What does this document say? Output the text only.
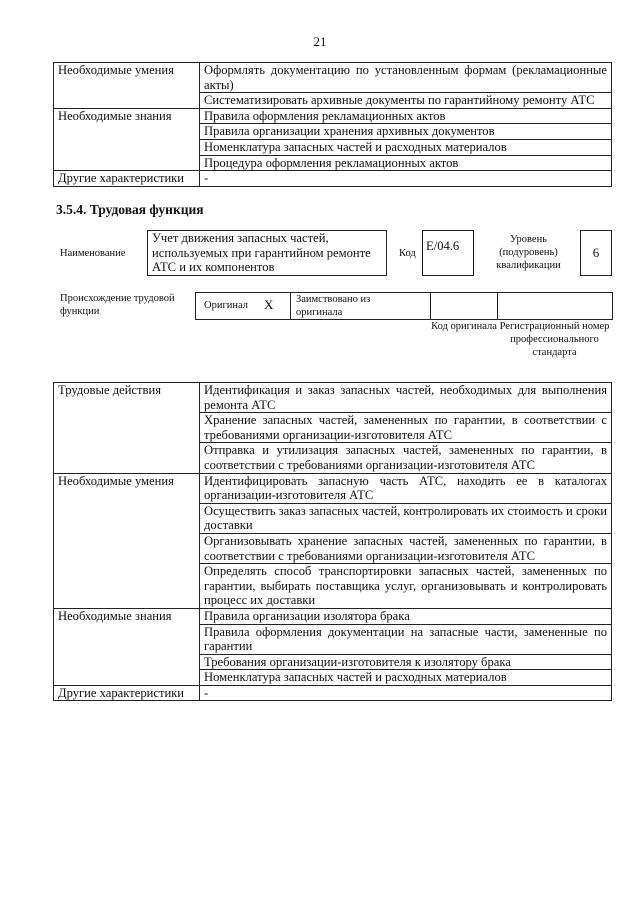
21
Необходимые умения	Оформлять документацию по установленным формам (рекламационные акты)
	Систематизировать архивные документы по гарантийному ремонту АТС
Необходимые знания	Правила оформления рекламационных актов
	Правила организации хранения архивных документов
	Номенклатура запасных частей и расходных материалов
	Процедура оформления рекламационных актов
Другие характеристики	-
3.5.4. Трудовая функция
Наименование
Учет движения запасных частей, используемых при гарантийном ремонте АТС и их компонентов
Код
E/04.6	Уровень (подуровень) квалификации
6
Происхождение трудовой функции
Оригинал X Заимствовано из оригинала
Код оригинала Регистрационный номер профессионального стандарта
Трудовые действия	Идентификация и заказ запасных частей, необходимых для выполнения ремонта АТС
	Хранение запасных частей, замененных по гарантии, в соответствии с требованиями организации-изготовителя АТС
	Отправка и утилизация запасных частей, замененных по гарантии, в соответствии с требованиями организации-изготовителя АТС
Необходимые умения	Идентифицировать запасную часть АТС, находить ее в каталогах организации-изготовителя АТС
	Осуществить заказ запасных частей, контролировать их стоимость и сроки доставки
	Организовывать хранение запасных частей, замененных по гарантии, в соответствии с требованиями организации-изготовителя АТС
	Определять способ транспортировки запасных частей, замененных по гарантии, выбирать поставщика услуг, организовывать и контролировать процесс их доставки
Необходимые знания	Правила организации изолятора брака
	Правила оформления документации на запасные части, замененные по гарантии
	Требования организации-изготовителя к изолятору брака
	Номенклатура запасных частей и расходных материалов
Другие характеристики	-
